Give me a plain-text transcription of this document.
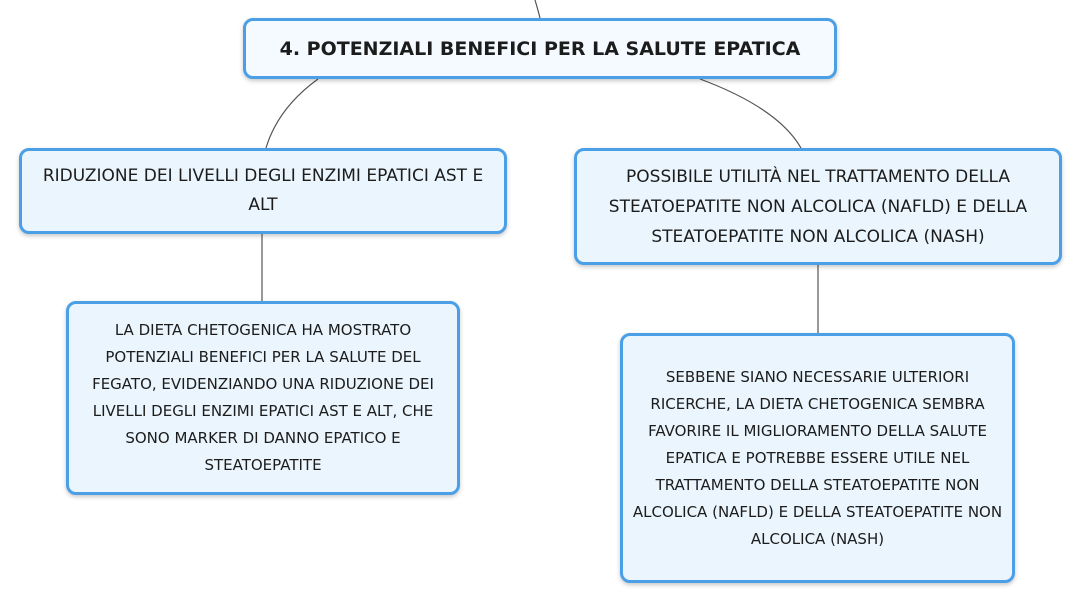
4. POTENZIALI BENEFICI PER LA SALUTE EPATICA
RIDUZIONE DEI LIVELLI DEGLI ENZIMI EPATICI AST E ALT
POSSIBILE UTILITÀ NEL TRATTAMENTO DELLA STEATOEPATITE NON ALCOLICA (NAFLD) E DELLA STEATOEPATITE NON ALCOLICA (NASH)
LA DIETA CHETOGENICA HA MOSTRATO POTENZIALI BENEFICI PER LA SALUTE DEL FEGATO, EVIDENZIANDO UNA RIDUZIONE DEI LIVELLI DEGLI ENZIMI EPATICI AST E ALT, CHE SONO MARKER DI DANNO EPATICO E STEATOEPATITE
SEBBENE SIANO NECESSARIE ULTERIORI RICERCHE, LA DIETA CHETOGENICA SEMBRA FAVORIRE IL MIGLIORAMENTO DELLA SALUTE EPATICA E POTREBBE ESSERE UTILE NEL TRATTAMENTO DELLA STEATOEPATITE NON ALCOLICA (NAFLD) E DELLA STEATOEPATITE NON ALCOLICA (NASH)
